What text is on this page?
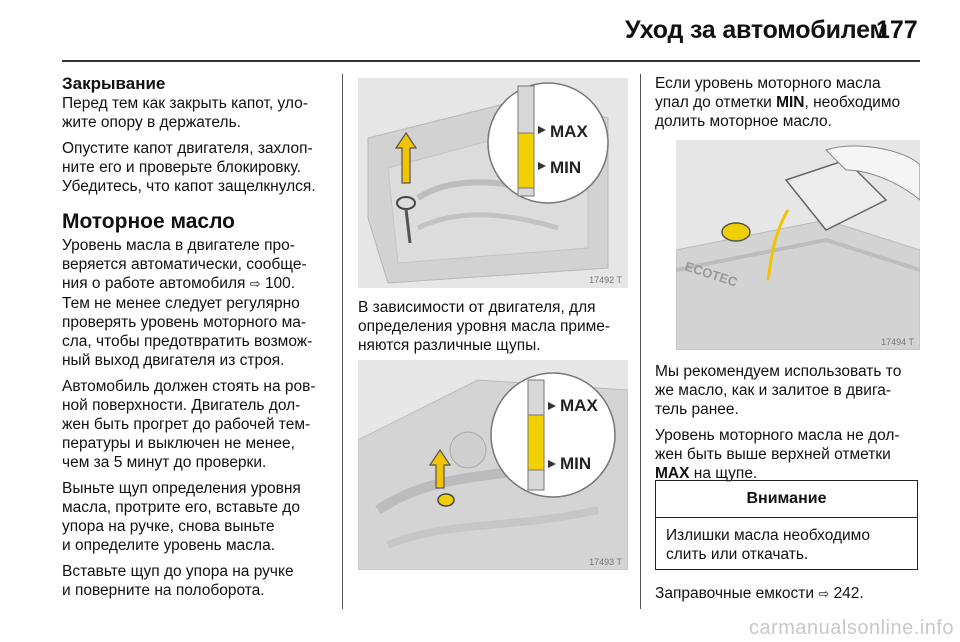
Уход за автомобилем
177
Закрывание

Перед тем как закрыть капот, уло-
жите опору в держатель.

Опустите капот двигателя, захлоп-
ните его и проверьте блокировку.
Убедитесь, что капот защелкнулся.

Моторное масло

Уровень масла в двигателе про-
веряется автоматически, сообще-
ния о работе автомобиля ⇨ 100.
Тем не менее следует регулярно
проверять уровень моторного ма-
сла, чтобы предотвратить возмож-
ный выход двигателя из строя.

Автомобиль должен стоять на ров-
ной поверхности. Двигатель дол-
жен быть прогрет до рабочей тем-
пературы и выключен не менее,
чем за 5 минут до проверки.

Выньте щуп определения уровня
масла, протрите его, вставьте до
упора на ручке, снова выньте
и определите уровень масла.

Вставьте щуп до упора на ручке
и поверните на полоборота.

MAX
MIN
17492 T

В зависимости от двигателя, для
определения уровня масла приме-
няются различные щупы.

MAX
MIN
17493 T

Если уровень моторного масла
упал до отметки MIN, необходимо
долить моторное масло.

ECOTEC
17494 T

Мы рекомендуем использовать то
же масло, как и залитое в двига-
тель ранее.

Уровень моторного масла не дол-
жен быть выше верхней отметки
MAX на щупе.

Внимание
Излишки масла необходимо
слить или откачать.
Заправочные емкости ⇨ 242.
carmanualsonline.info
